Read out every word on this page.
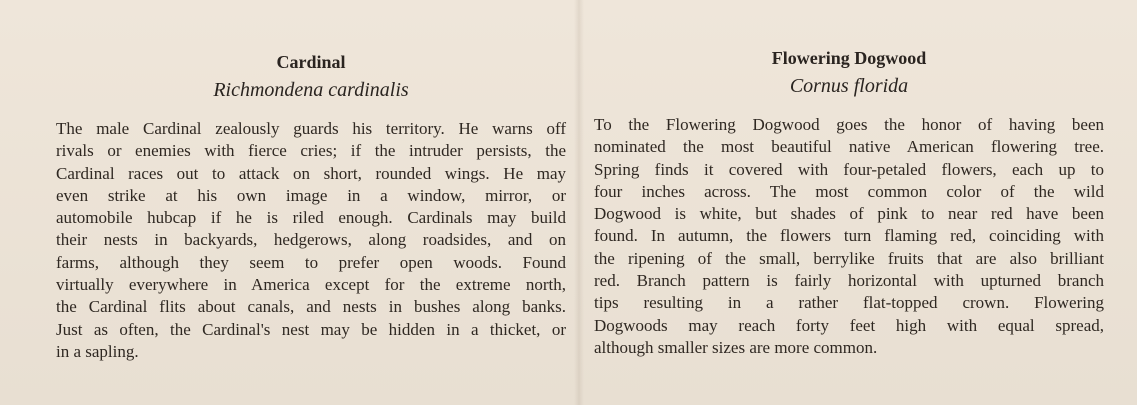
Cardinal
Richmondena cardinalis
The male Cardinal zealously guards his territory. He warns off
rivals or enemies with fierce cries; if the intruder persists, the
Cardinal races out to attack on short, rounded wings. He may
even strike at his own image in a window, mirror, or
automobile hubcap if he is riled enough. Cardinals may build
their nests in backyards, hedgerows, along roadsides, and on
farms, although they seem to prefer open woods. Found
virtually everywhere in America except for the extreme north,
the Cardinal flits about canals, and nests in bushes along banks.
Just as often, the Cardinal's nest may be hidden in a thicket, or
in a sapling.
Flowering Dogwood
Cornus florida
To the Flowering Dogwood goes the honor of having been
nominated the most beautiful native American flowering tree.
Spring finds it covered with four-petaled flowers, each up to
four inches across. The most common color of the wild
Dogwood is white, but shades of pink to near red have been
found. In autumn, the flowers turn flaming red, coinciding with
the ripening of the small, berrylike fruits that are also brilliant
red. Branch pattern is fairly horizontal with upturned branch
tips resulting in a rather flat-topped crown. Flowering
Dogwoods may reach forty feet high with equal spread,
although smaller sizes are more common.
